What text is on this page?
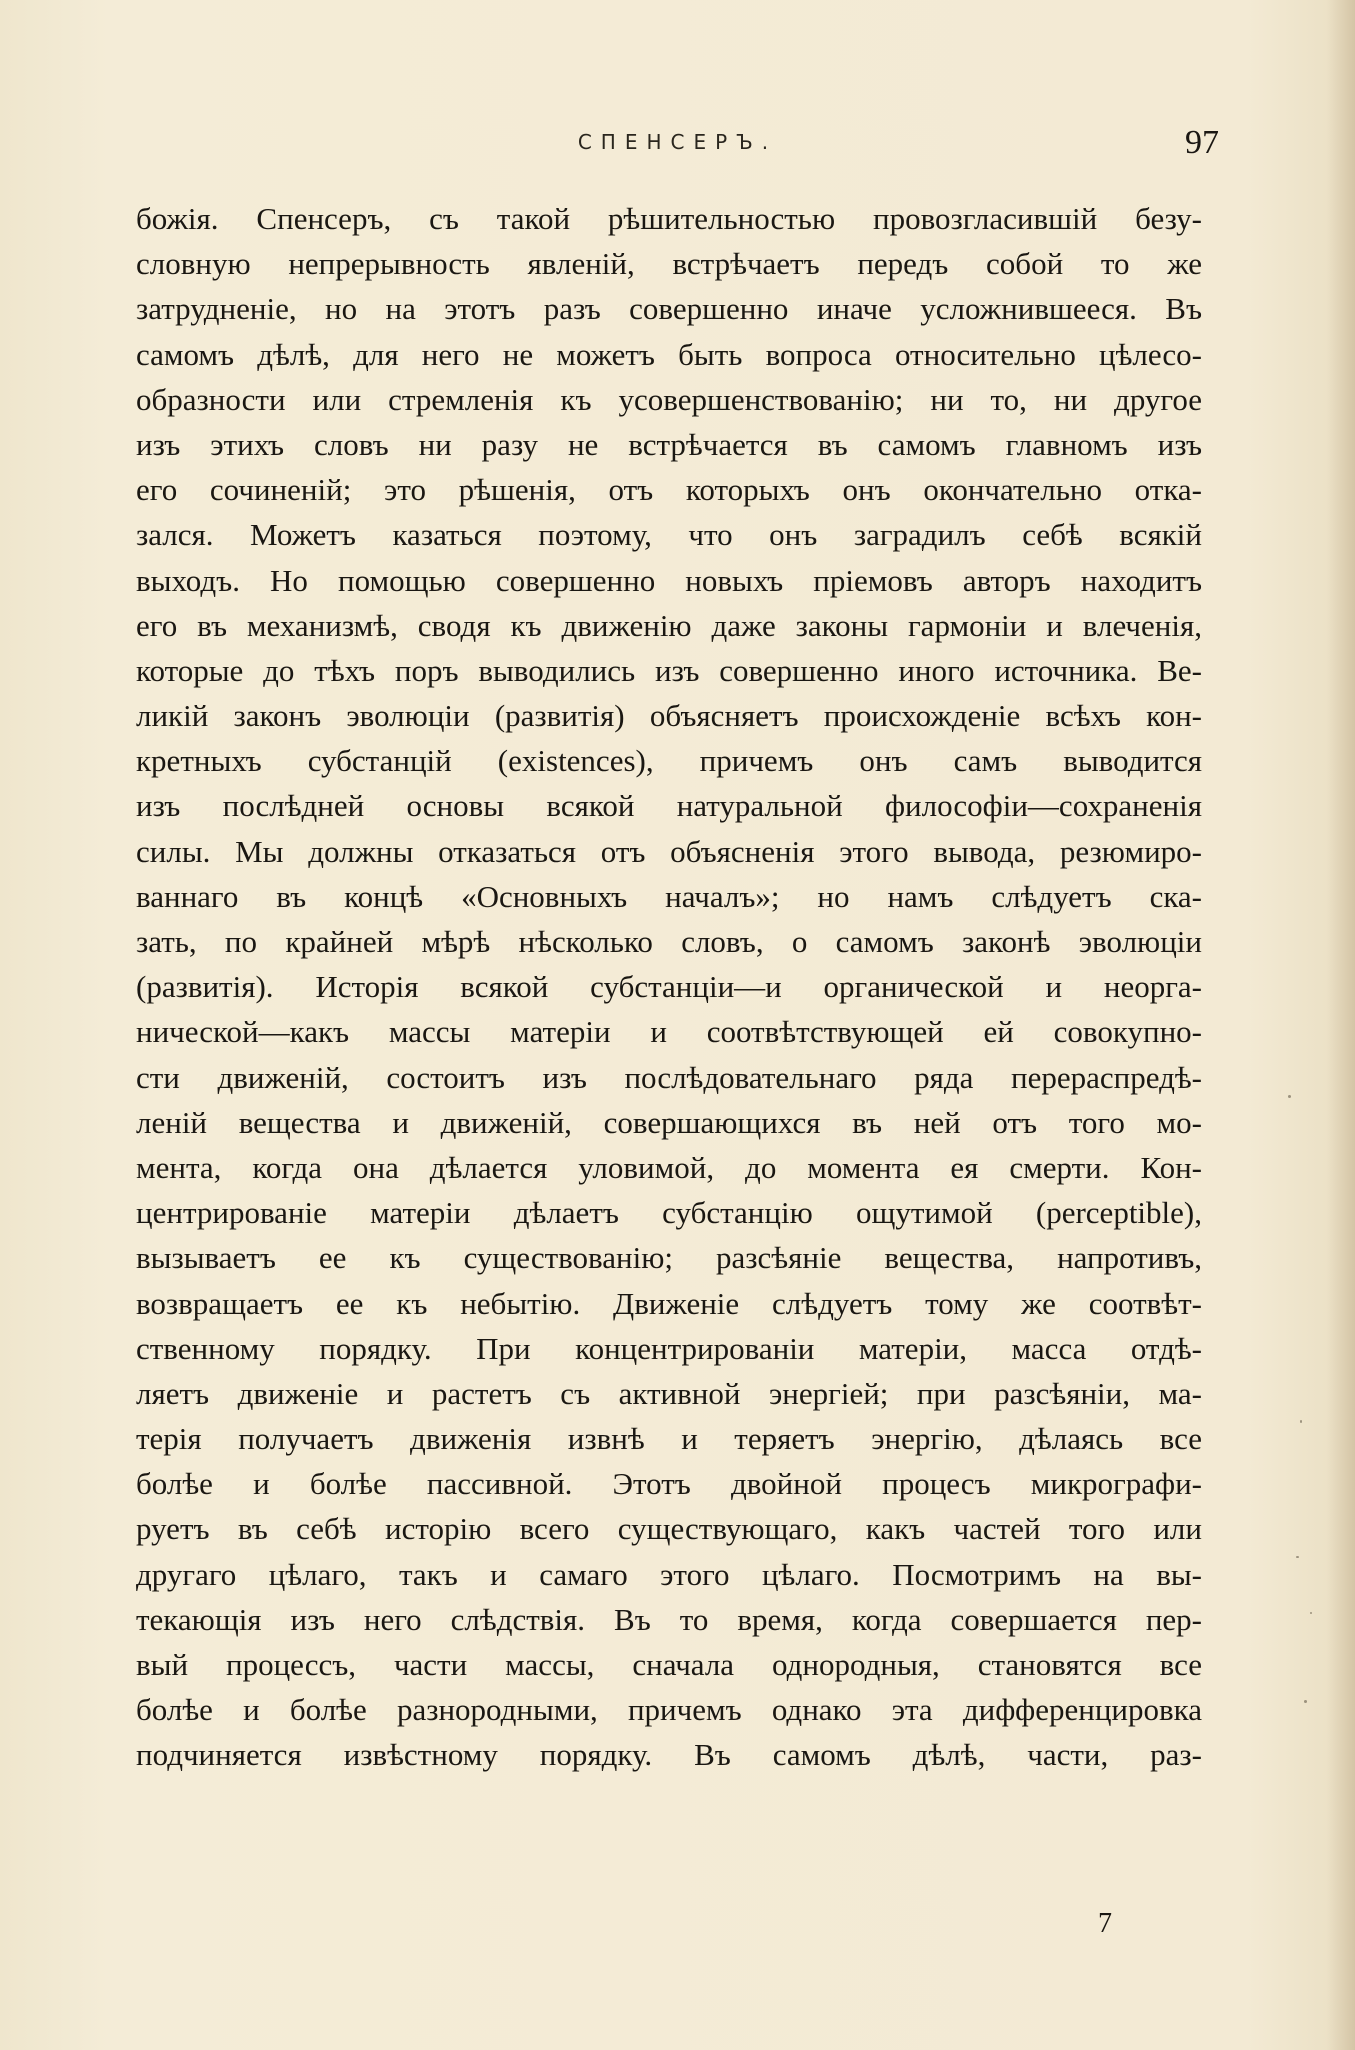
СПЕНСЕРЪ.	97
божія. Спенсеръ, съ такой рѣшительностью провозгласившій безу-
словную непрерывность явленій, встрѣчаетъ передъ собой то же
затрудненіе, но на этотъ разъ совершенно иначе усложнившееся. Въ
самомъ дѣлѣ, для него не можетъ быть вопроса относительно цѣлесо-
образности или стремленія къ усовершенствованію; ни то, ни другое
изъ этихъ словъ ни разу не встрѣчается въ самомъ главномъ изъ
его сочиненій; это рѣшенія, отъ которыхъ онъ окончательно отка-
зался. Можетъ казаться поэтому, что онъ заградилъ себѣ всякій
выходъ. Но помощью совершенно новыхъ пріемовъ авторъ находитъ
его въ механизмѣ, сводя къ движенію даже законы гармоніи и влеченія,
которые до тѣхъ поръ выводились изъ совершенно иного источника. Ве-
ликій законъ эволюціи (развитія) объясняетъ происхожденіе всѣхъ кон-
кретныхъ субстанцій (existences), причемъ онъ самъ выводится
изъ послѣдней основы всякой натуральной философіи—сохраненія
силы. Мы должны отказаться отъ объясненія этого вывода, резюмиро-
ваннаго въ концѣ «Основныхъ началъ»; но намъ слѣдуетъ ска-
зать, по крайней мѣрѣ нѣсколько словъ, о самомъ законѣ эволюціи
(развитія). Исторія всякой субстанціи—и органической и неорга-
нической—какъ массы матеріи и соотвѣтствующей ей совокупно-
сти движеній, состоитъ изъ послѣдовательнаго ряда перераспредѣ-
леній вещества и движеній, совершающихся въ ней отъ того мо-
мента, когда она дѣлается уловимой, до момента ея смерти. Кон-
центрированіе матеріи дѣлаетъ субстанцію ощутимой (perceptible),
вызываетъ ее къ существованію; разсѣяніе вещества, напротивъ,
возвращаетъ ее къ небытію. Движеніе слѣдуетъ тому же соотвѣт-
ственному порядку. При концентрированіи матеріи, масса отдѣ-
ляетъ движеніе и растетъ съ активной энергіей; при разсѣяніи, ма-
терія получаетъ движенія извнѣ и теряетъ энергію, дѣлаясь все
болѣе и болѣе пассивной. Этотъ двойной процесъ микрографи-
руетъ въ себѣ исторію всего существующаго, какъ частей того или
другаго цѣлаго, такъ и самаго этого цѣлаго. Посмотримъ на вы-
текающія изъ него слѣдствія. Въ то время, когда совершается пер-
вый процессъ, части массы, сначала однородныя, становятся все
болѣе и болѣе разнородными, причемъ однако эта дифференцировка
подчиняется извѣстному порядку. Въ самомъ дѣлѣ, части, раз-
7
